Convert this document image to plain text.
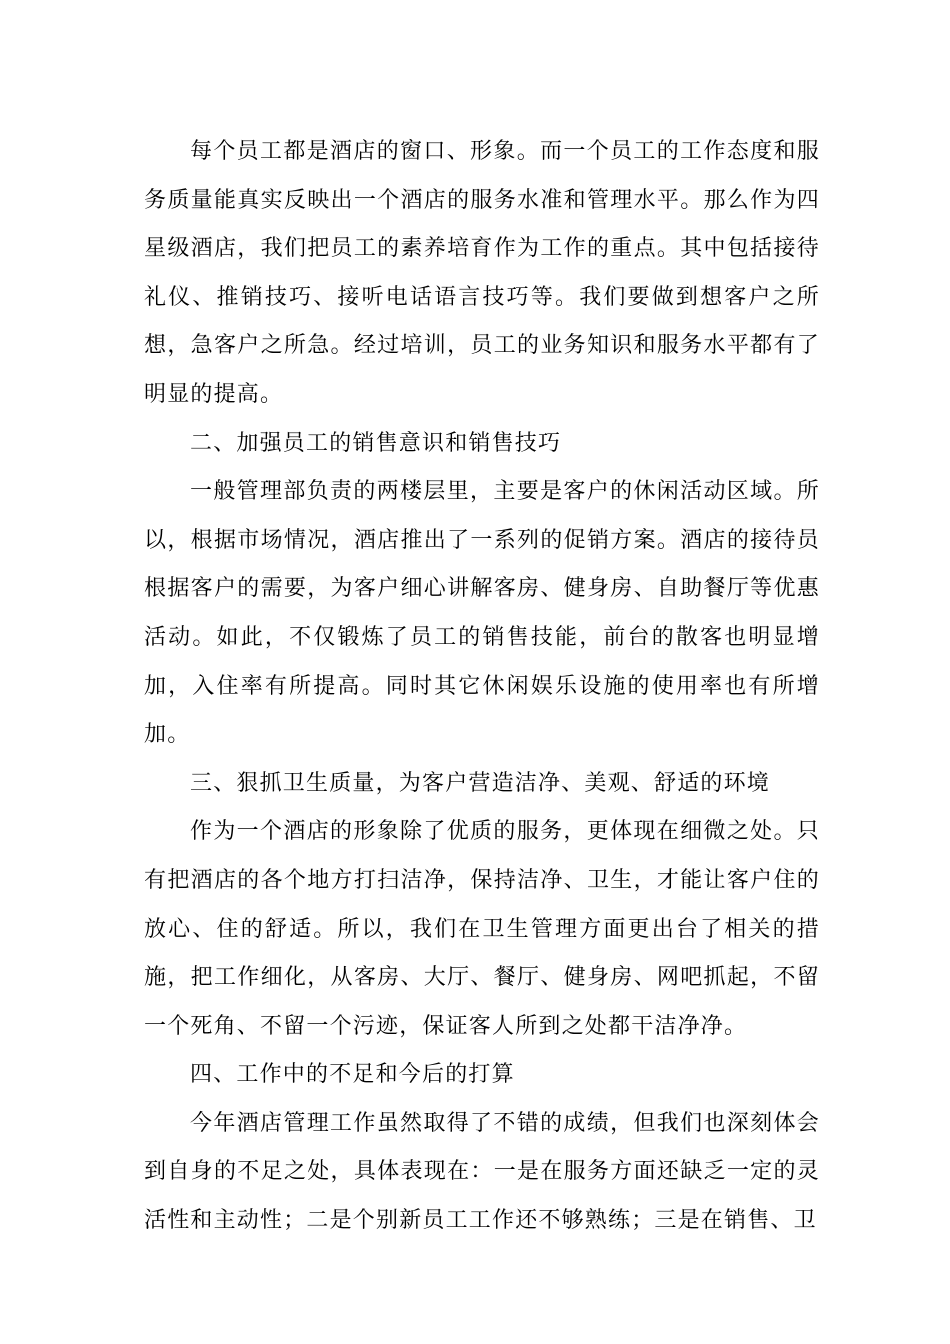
每个员工都是酒店的窗口、形象。而一个员工的工作态度和服务质量能真实反映出一个酒店的服务水准和管理水平。那么作为四星级酒店，我们把员工的素养培育作为工作的重点。其中包括接待礼仪、推销技巧、接听电话语言技巧等。我们要做到想客户之所想，急客户之所急。经过培训，员工的业务知识和服务水平都有了明显的提高。

二、加强员工的销售意识和销售技巧

一般管理部负责的两楼层里，主要是客户的休闲活动区域。所以，根据市场情况，酒店推出了一系列的促销方案。酒店的接待员根据客户的需要，为客户细心讲解客房、健身房、自助餐厅等优惠活动。如此，不仅锻炼了员工的销售技能，前台的散客也明显增加，入住率有所提高。同时其它休闲娱乐设施的使用率也有所增加。

三、狠抓卫生质量，为客户营造洁净、美观、舒适的环境

作为一个酒店的形象除了优质的服务，更体现在细微之处。只有把酒店的各个地方打扫洁净，保持洁净、卫生，才能让客户住的放心、住的舒适。所以，我们在卫生管理方面更出台了相关的措施，把工作细化，从客房、大厅、餐厅、健身房、网吧抓起，不留一个死角、不留一个污迹，保证客人所到之处都干洁净净。

四、工作中的不足和今后的打算

今年酒店管理工作虽然取得了不错的成绩，但我们也深刻体会到自身的不足之处，具体表现在：一是在服务方面还缺乏一定的灵活性和主动性；二是个别新员工工作还不够熟练；三是在销售、卫
